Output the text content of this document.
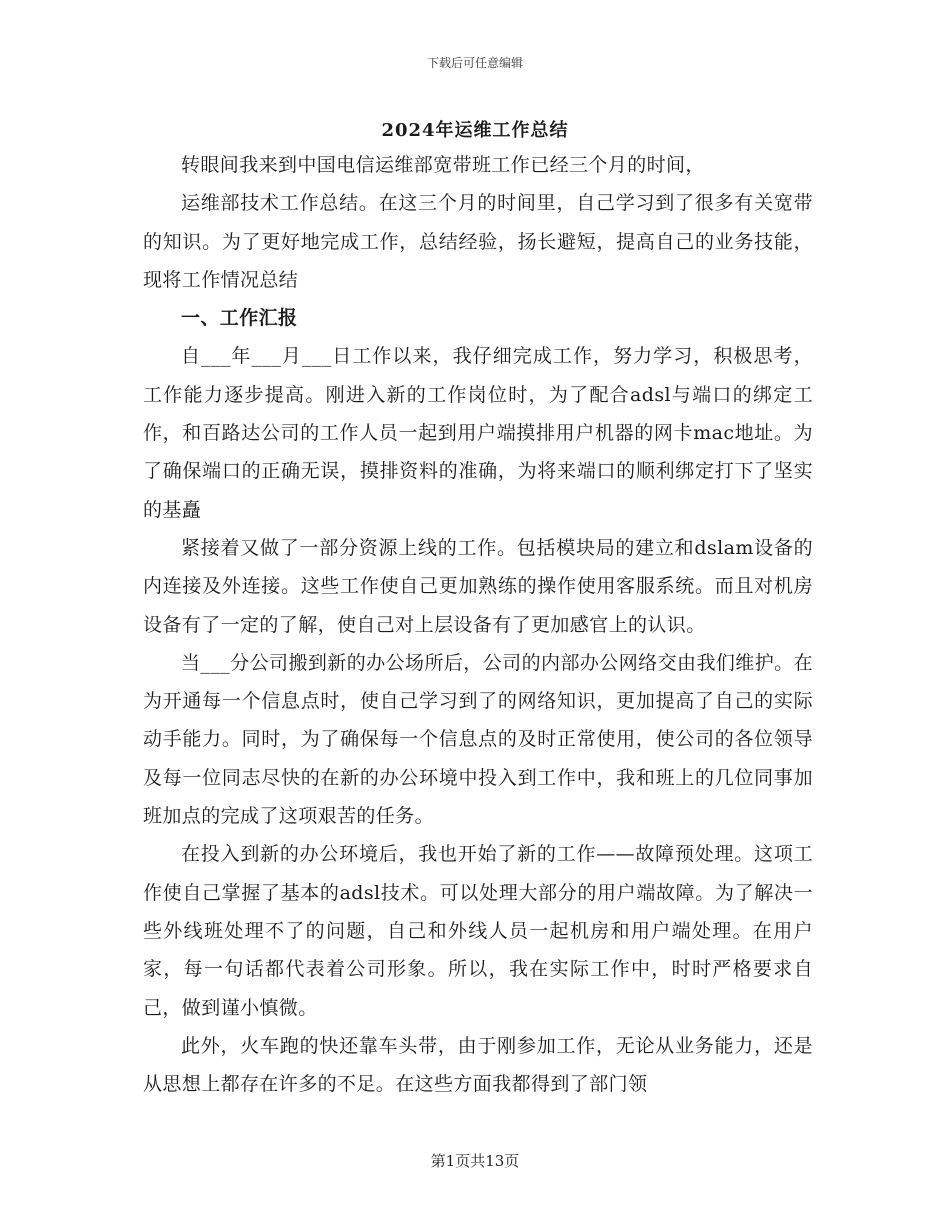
下载后可任意编辑
2024年运维工作总结

转眼间我来到中国电信运维部宽带班工作已经三个月的时间，

运维部技术工作总结。在这三个月的时间里，自己学习到了很多有关宽带的知识。为了更好地完成工作，总结经验，扬长避短，提高自己的业务技能，现将工作情况总结

一、工作汇报

自___年___月___日工作以来，我仔细完成工作，努力学习，积极思考，工作能力逐步提高。刚进入新的工作岗位时，为了配合adsl与端口的绑定工作，和百路达公司的工作人员一起到用户端摸排用户机器的网卡mac地址。为了确保端口的正确无误，摸排资料的准确，为将来端口的顺利绑定打下了坚实的基矗

紧接着又做了一部分资源上线的工作。包括模块局的建立和dslam设备的内连接及外连接。这些工作使自己更加熟练的操作使用客服系统。而且对机房设备有了一定的了解，使自己对上层设备有了更加感官上的认识。

当___分公司搬到新的办公场所后，公司的内部办公网络交由我们维护。在为开通每一个信息点时，使自己学习到了的网络知识，更加提高了自己的实际动手能力。同时，为了确保每一个信息点的及时正常使用，使公司的各位领导及每一位同志尽快的在新的办公环境中投入到工作中，我和班上的几位同事加班加点的完成了这项艰苦的任务。

在投入到新的办公环境后，我也开始了新的工作——故障预处理。这项工作使自己掌握了基本的adsl技术。可以处理大部分的用户端故障。为了解决一些外线班处理不了的问题，自己和外线人员一起机房和用户端处理。在用户家，每一句话都代表着公司形象。所以，我在实际工作中，时时严格要求自己，做到谨小慎微。

此外，火车跑的快还靠车头带，由于刚参加工作，无论从业务能力，还是从思想上都存在许多的不足。在这些方面我都得到了部门领

第1页共13页
